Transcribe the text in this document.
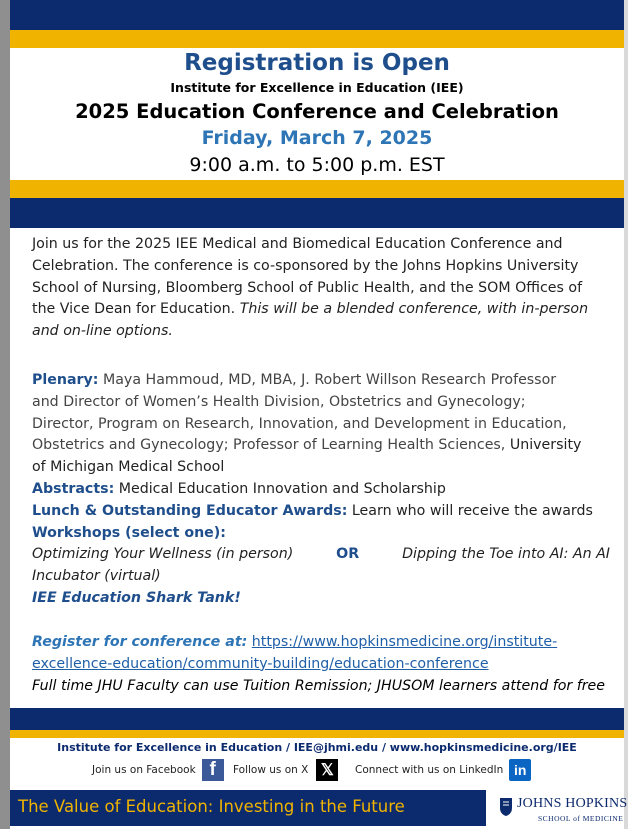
Registration is Open
Institute for Excellence in Education (IEE)
2025 Education Conference and Celebration
Friday, March 7, 2025
9:00 a.m. to 5:00 p.m. EST
Join us for the 2025 IEE Medical and Biomedical Education Conference and
Celebration. The conference is co-sponsored by the Johns Hopkins University
School of Nursing, Bloomberg School of Public Health, and the SOM Offices of
the Vice Dean for Education. This will be a blended conference, with in-person
and on-line options.
Plenary: Maya Hammoud, MD, MBA, J. Robert Willson Research Professor
and Director of Women’s Health Division, Obstetrics and Gynecology;
Director, Program on Research, Innovation, and Development in Education,
Obstetrics and Gynecology; Professor of Learning Health Sciences, University
of Michigan Medical School
Abstracts: Medical Education Innovation and Scholarship
Lunch & Outstanding Educator Awards: Learn who will receive the awards
Workshops (select one):
Optimizing Your Wellness (in person)	OR	Dipping the Toe into AI: An AI
Incubator (virtual)
IEE Education Shark Tank!
Register for conference at: https://www.hopkinsmedicine.org/institute-
excellence-education/community-building/education-conference
Full time JHU Faculty can use Tuition Remission; JHUSOM learners attend for free
Institute for Excellence in Education / IEE@jhmi.edu / www.hopkinsmedicine.org/IEE
Join us on Facebook f	Follow us on X 𝕏	Connect with us on LinkedIn in
The Value of Education: Investing in the Future	JOHNS HOPKINS
SCHOOL of MEDICINE
